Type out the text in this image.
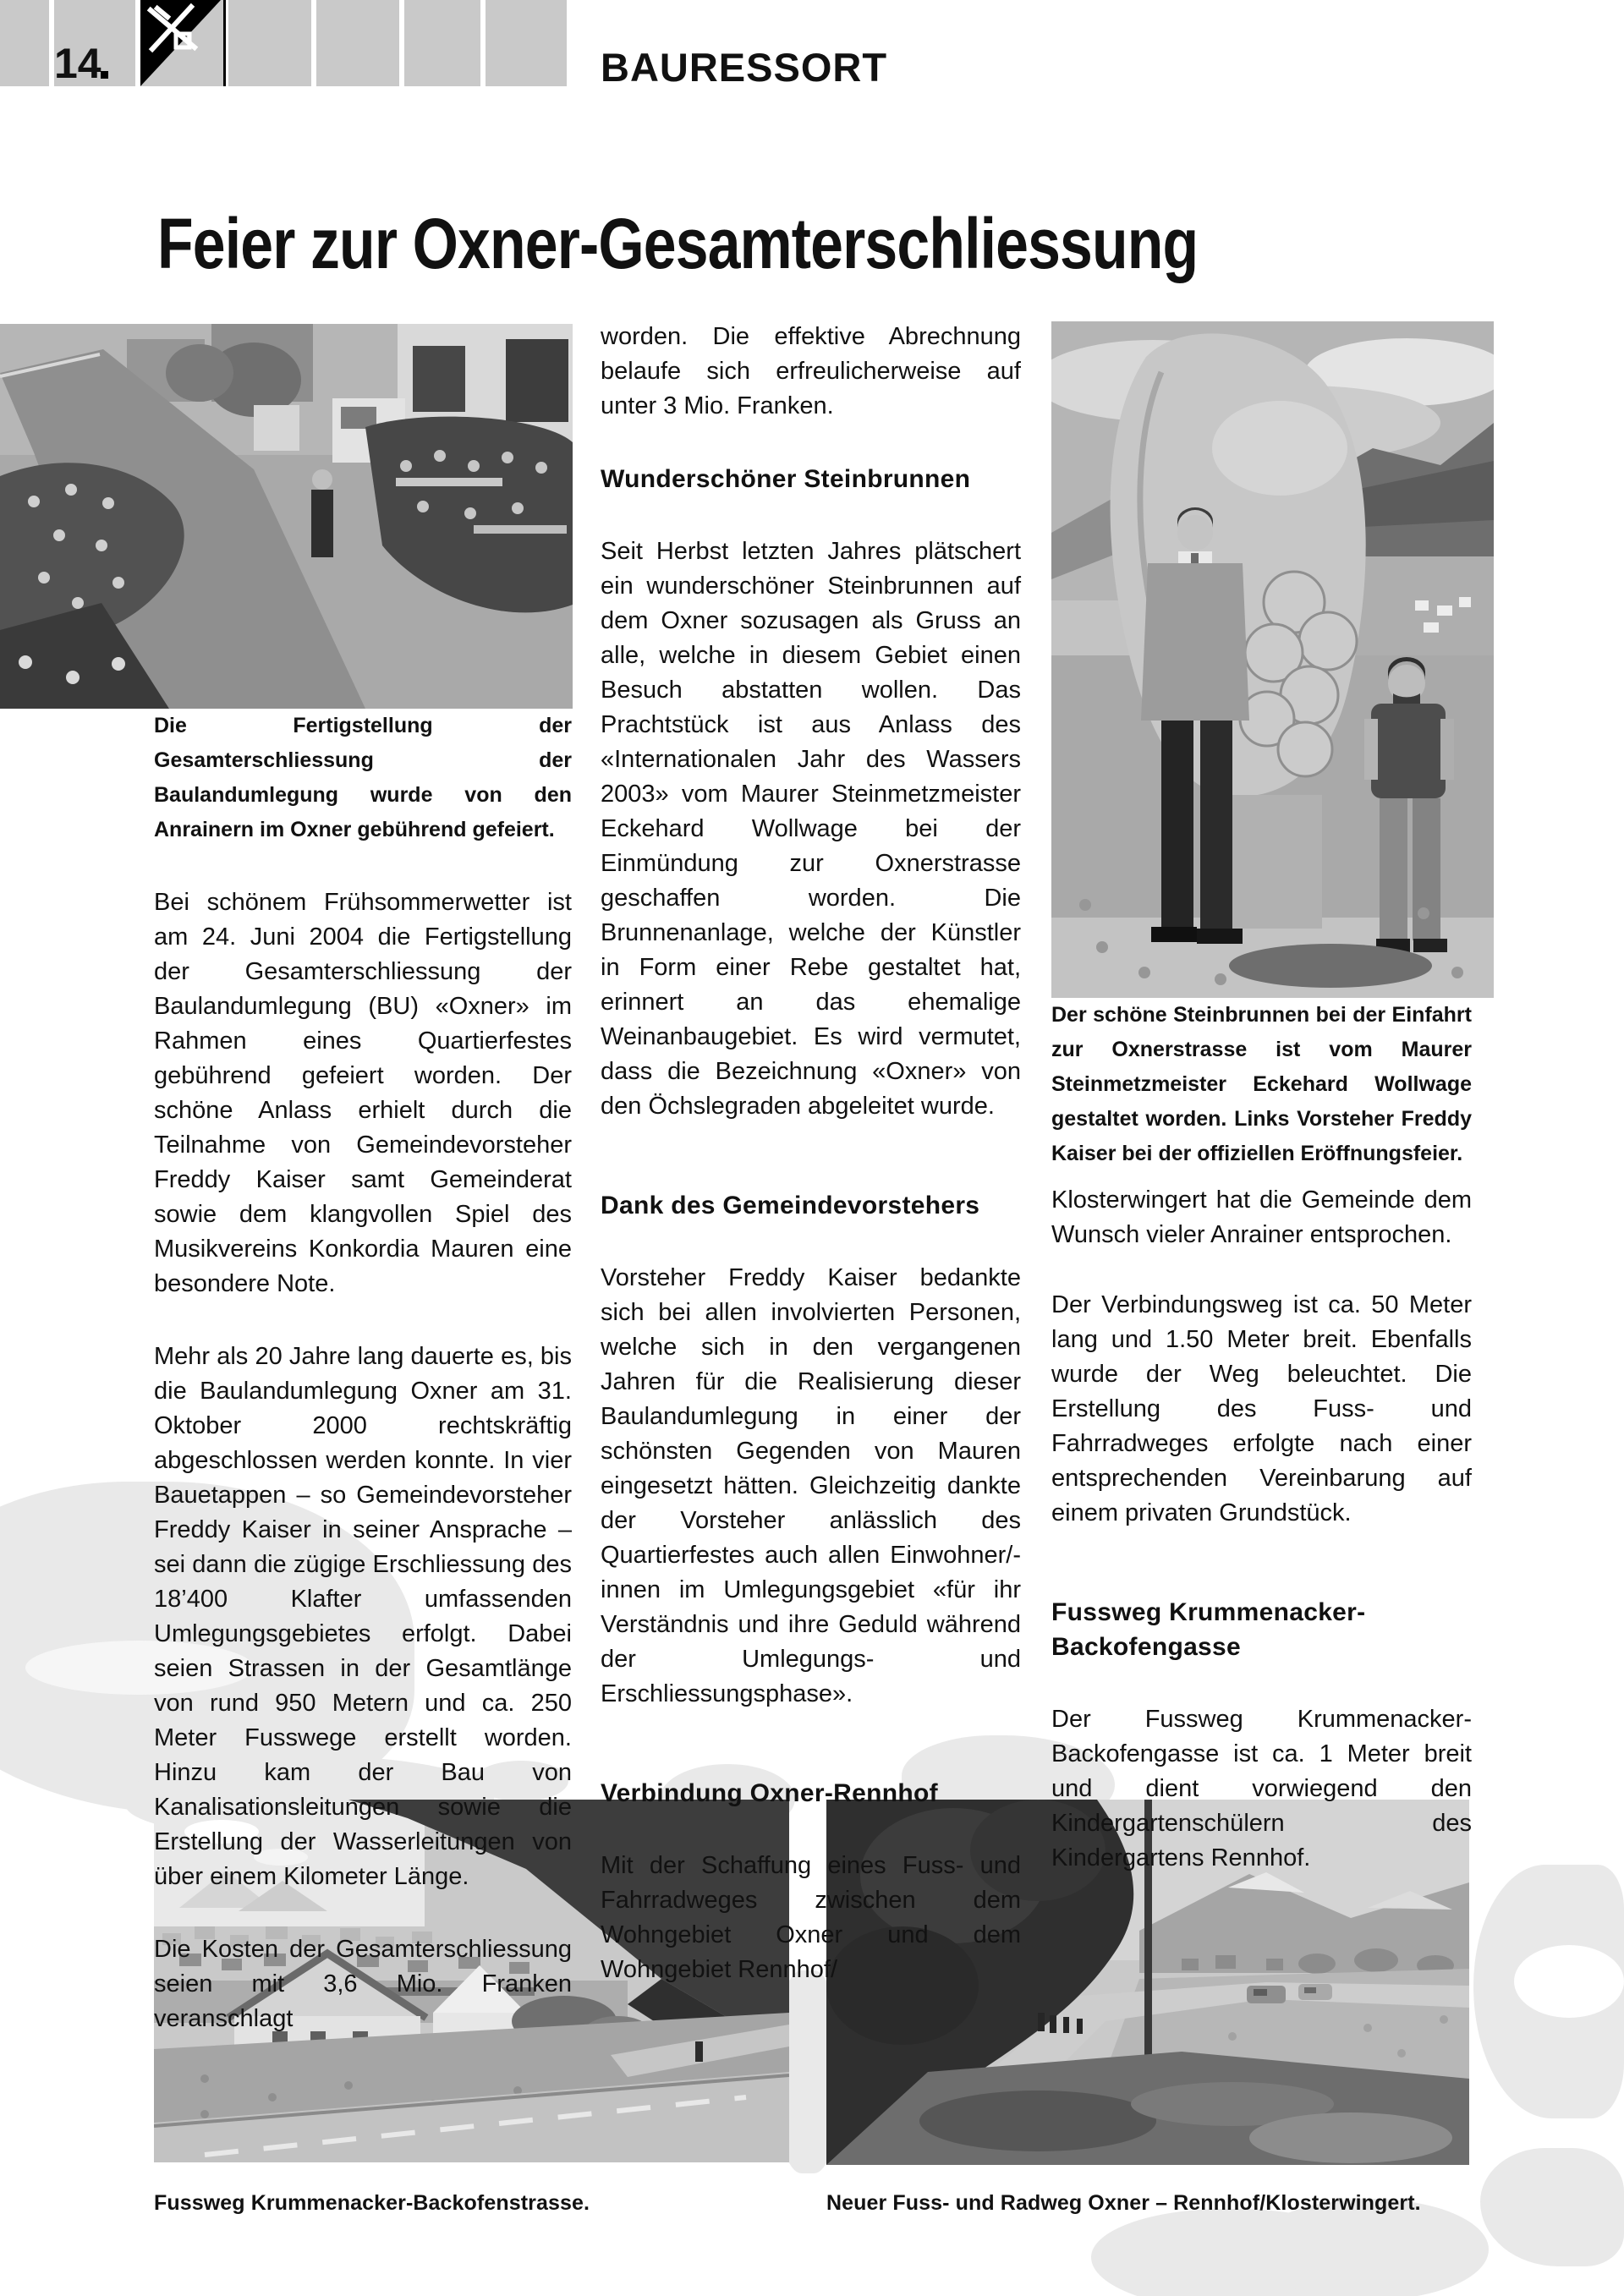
14	BAURESSORT
Feier zur Oxner-Gesamterschliessung

Die Fertigstellung der Gesamterschliessung der Baulandumlegung wurde von den Anrainern im Oxner gebührend gefeiert.

Bei schönem Frühsommerwetter ist am 24. Juni 2004 die Fertigstellung der Gesamterschliessung der Baulandumlegung (BU) «Oxner» im Rahmen eines Quartierfestes gebührend gefeiert worden. Der schöne Anlass erhielt durch die Teilnahme von Gemeindevorsteher Freddy Kaiser samt Gemeinderat sowie dem klangvollen Spiel des Musikvereins Konkordia Mauren eine besondere Note.

Mehr als 20 Jahre lang dauerte es, bis die Baulandumlegung Oxner am 31. Oktober 2000 rechtskräftig abgeschlossen werden konnte. In vier Bauetappen – so Gemeindevorsteher Freddy Kaiser in seiner Ansprache – sei dann die zügige Erschliessung des 18’400 Klafter umfassenden Umlegungsgebietes erfolgt. Dabei seien Strassen in der Gesamtlänge von rund 950 Metern und ca. 250 Meter Fusswege erstellt worden. Hinzu kam der Bau von Kanalisationsleitungen sowie die Erstellung der Wasserleitungen von über einem Kilometer Länge.

Die Kosten der Gesamterschliessung seien mit 3,6 Mio. Franken veranschlagt

worden. Die effektive Abrechnung belaufe sich erfreulicherweise auf unter 3 Mio. Franken.

Wunderschöner Steinbrunnen

Seit Herbst letzten Jahres plätschert ein wunderschöner Steinbrunnen auf dem Oxner sozusagen als Gruss an alle, welche in diesem Gebiet einen Besuch abstatten wollen. Das Prachtstück ist aus Anlass des «Internationalen Jahr des Wassers 2003» vom Maurer Steinmetzmeister Eckehard Wollwage bei der Einmündung zur Oxnerstrasse geschaffen worden. Die Brunnenanlage, welche der Künstler in Form einer Rebe gestaltet hat, erinnert an das ehemalige Weinanbaugebiet. Es wird vermutet, dass die Bezeichnung «Oxner» von den Öchslegraden abgeleitet wurde.

Dank des Gemeindevorstehers

Vorsteher Freddy Kaiser bedankte sich bei allen involvierten Personen, welche sich in den vergangenen Jahren für die Realisierung dieser Baulandumlegung in einer der schönsten Gegenden von Mauren eingesetzt hätten. Gleichzeitig dankte der Vorsteher anlässlich des Quartierfestes auch allen Einwohner/-innen im Umlegungsgebiet «für ihr Verständnis und ihre Geduld während der Umlegungs- und Erschliessungsphase».

Verbindung Oxner-Rennhof

Mit der Schaffung eines Fuss- und Fahrradweges zwischen dem Wohngebiet Oxner und dem Wohngebiet Rennhof/

Der schöne Steinbrunnen bei der Einfahrt zur Oxnerstrasse ist vom Maurer Steinmetzmeister Eckehard Wollwage gestaltet worden. Links Vorsteher Freddy Kaiser bei der offiziellen Eröffnungsfeier.

Klosterwingert hat die Gemeinde dem Wunsch vieler Anrainer entsprochen.

Der Verbindungsweg ist ca. 50 Meter lang und 1.50 Meter breit. Ebenfalls wurde der Weg beleuchtet. Die Erstellung des Fuss- und Fahrradweges erfolgte nach einer entsprechenden Vereinbarung auf einem privaten Grundstück.

Fussweg Krummenacker-Backofengasse

Der Fussweg Krummenacker-Backofengasse ist ca. 1 Meter breit und dient vorwiegend den Kindergartenschülern des Kindergartens Rennhof.

Fussweg Krummenacker-Backofenstrasse.	Neuer Fuss- und Radweg Oxner – Rennhof/Klosterwingert.
